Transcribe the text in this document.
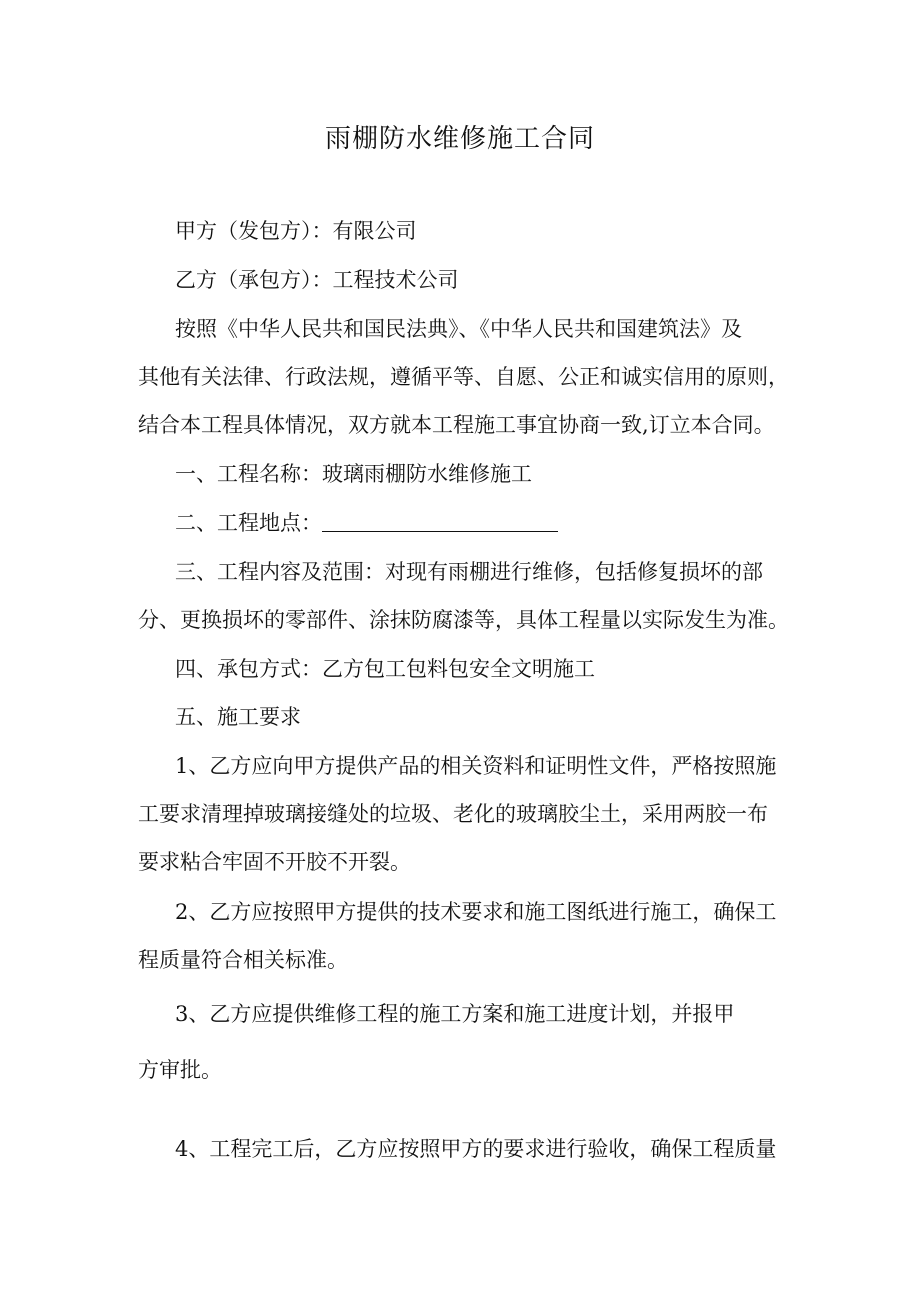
雨棚防水维修施工合同
甲方（发包方）：有限公司
乙方（承包方）：工程技术公司
按照《中华人民共和国民法典》、《中华人民共和国建筑法》及
其他有关法律、行政法规，遵循平等、自愿、公正和诚实信用的原则，
结合本工程具体情况，双方就本工程施工事宜协商一致,订立本合同。
一、工程名称：玻璃雨棚防水维修施工
二、工程地点：
三、工程内容及范围：对现有雨棚进行维修，包括修复损坏的部
分、更换损坏的零部件、涂抹防腐漆等，具体工程量以实际发生为准。
四、承包方式：乙方包工包料包安全文明施工
五、施工要求
1、乙方应向甲方提供产品的相关资料和证明性文件，严格按照施
工要求清理掉玻璃接缝处的垃圾、老化的玻璃胶尘土，采用两胶一布
要求粘合牢固不开胶不开裂。
2、乙方应按照甲方提供的技术要求和施工图纸进行施工，确保工
程质量符合相关标准。
3、乙方应提供维修工程的施工方案和施工进度计划，并报甲
方审批。
4、工程完工后，乙方应按照甲方的要求进行验收，确保工程质量
